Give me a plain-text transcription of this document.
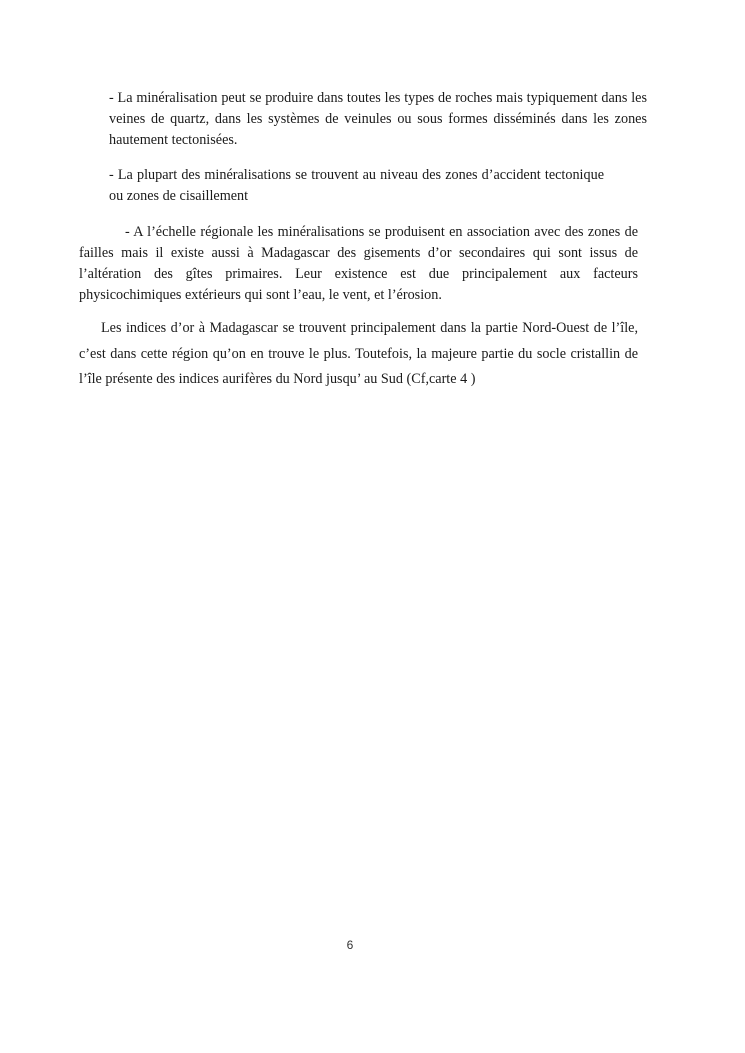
- La minéralisation peut se produire dans toutes les types de roches mais typiquement dans les veines de quartz, dans les systèmes de veinules ou sous formes disséminés dans les zones hautement tectonisées.

- La plupart des minéralisations se trouvent au niveau des zones d’accident tectonique ou zones de cisaillement

- A l’échelle régionale les minéralisations se produisent en association avec des zones de failles mais il existe aussi à Madagascar des gisements d’or secondaires qui sont issus de l’altération des gîtes primaires. Leur existence est due principalement aux facteurs physicochimiques extérieurs qui sont l’eau, le vent, et l’érosion.

Les indices d’or à Madagascar se trouvent principalement dans la partie Nord-Ouest de l’île, c’est dans cette région qu’on en trouve le plus. Toutefois, la majeure partie du socle cristallin de l’île présente des indices aurifères du Nord jusqu’ au Sud (Cf,carte 4 )

6
